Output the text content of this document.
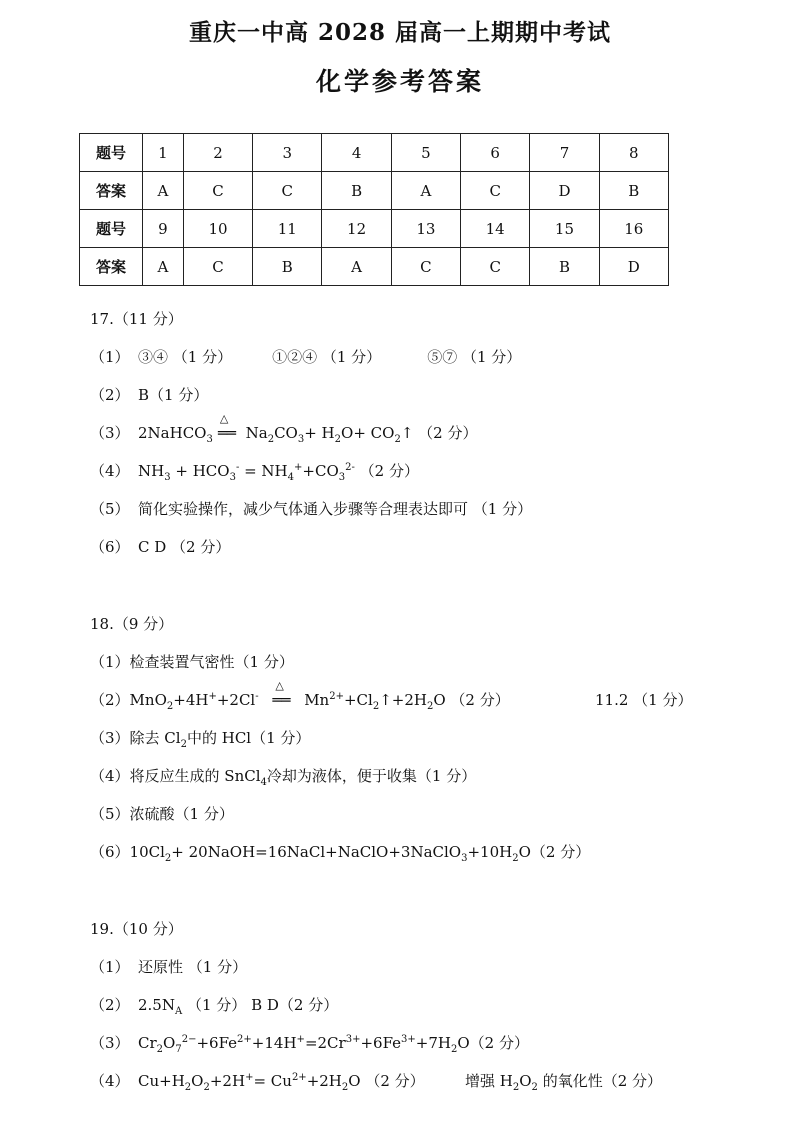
重庆一中高 2028 届高一上期期中考试
化学参考答案
题号	1	2	3	4	5	6	7	8
答案	A	C	C	B	A	C	D	B
题号	9	10	11	12	13	14	15	16
答案	A	C	B	A	C	C	B	D
17.（11 分）
（1） ③④ （1 分）	①②④ （1 分）	⑤⑦ （1 分）
（2） B（1 分）
（3） 2NaHCO$_3$
△
══ $Na_2CO_3+ H_2O+$ $CO_2↑$ （2 分）
（4） $NH_3 + HCO_3^- = NH_4^++CO_3^{2-}$ （2 分）
（5） 简化实验操作，减少气体通入步骤等合理表达即可 （1 分）
（6） C D （2 分）
18.（9 分）
（1）检查装置气密性（1 分）
（2）MnO$_2$+4H++2Cl-
△
══ $Mn^{2+}+Cl_2↑+2H_2O$ （2 分）	11.2 （1 分）
（3）除去 $Cl_2$中的 HCl（1 分）
（4）将反应生成的 SnCl$_4$冷却为液体，便于收集（1 分）
（5）浓硫酸（1 分）
$(6)10Cl_2+$ $20NaOH=16NaCl+NaClO+3NaClO_3+10H_2O(2$ 分）
19.（10 分）
（1） 还原性 （1 分）
（2） $2.5N_A$ （1 分） B D（2 分）
（3） $Cr_2O_7^{2-}+6Fe^{2+}+14H^+=2Cr^{3+}+6Fe^{3+}+7H_2O(2$ 分）
（4） $Cu+H_2O_2+2H^+= Cu^{2+}+2H_2O$ （2 分）	增强 $H_2O_2$ 的氧化性（2 分）
